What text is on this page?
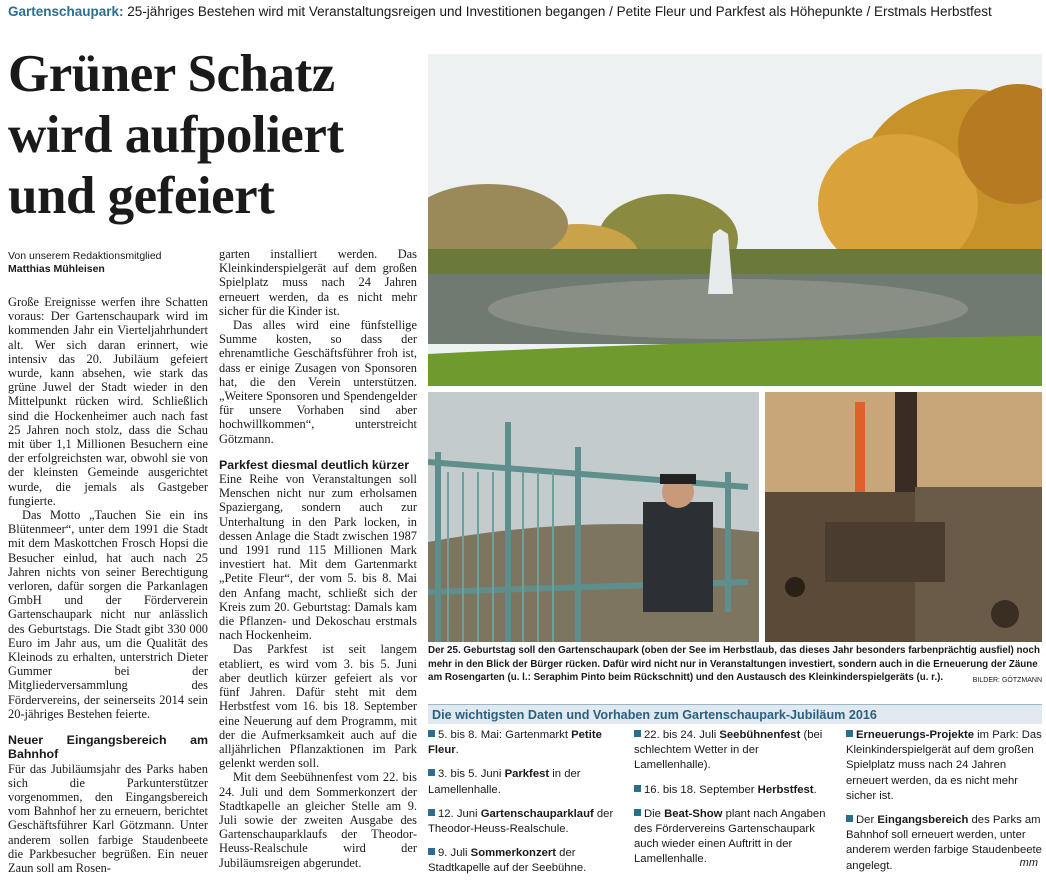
Gartenschaupark: 25-jähriges Bestehen wird mit Veranstaltungsreigen und Investitionen begangen / Petite Fleur und Parkfest als Höhepunkte / Erstmals Herbstfest
Grüner Schatz
wird aufpoliert
und gefeiert
Von unserem Redaktionsmitglied
Matthias Mühleisen

Große Ereignisse werfen ihre Schatten voraus: Der Gartenschaupark wird im kommenden Jahr ein Vierteljahrhundert alt. Wer sich daran erinnert, wie intensiv das 20. Jubiläum gefeiert wurde, kann absehen, wie stark das grüne Juwel der Stadt wieder in den Mittelpunkt rücken wird. Schließlich sind die Hockenheimer auch nach fast 25 Jahren noch stolz, dass die Schau mit über 1,1 Millionen Besuchern eine der erfolgreichsten war, obwohl sie von der kleinsten Gemeinde ausgerichtet wurde, die jemals als Gastgeber fungierte.

Das Motto „Tauchen Sie ein ins Blütenmeer“, unter dem 1991 die Stadt mit dem Maskottchen Frosch Hopsi die Besucher einlud, hat auch nach 25 Jahren nichts von seiner Berechtigung verloren, dafür sorgen die Parkanlagen GmbH und der Förderverein Gartenschaupark nicht nur anlässlich des Geburtstags. Die Stadt gibt 330 000 Euro im Jahr aus, um die Qualität des Kleinods zu erhalten, unterstrich Dieter Gummer bei der Mitgliederversammlung des Fördervereins, der seinerseits 2014 sein 20-jähriges Bestehen feierte.

Neuer Eingangsbereich am Bahnhof

Für das Jubiläumsjahr des Parks haben sich die Parkunterstützer vorgenommen, den Eingangsbereich vom Bahnhof her zu erneuern, berichtet Geschäftsführer Karl Götzmann. Unter anderem sollen farbige Staudenbeete die Parkbesucher begrüßen. Ein neuer Zaun soll am Rosen-

garten installiert werden. Das Kleinkinderspielgerät auf dem großen Spielplatz muss nach 24 Jahren erneuert werden, da es nicht mehr sicher für die Kinder ist.

Das alles wird eine fünfstellige Summe kosten, so dass der ehrenamtliche Geschäftsführer froh ist, dass er einige Zusagen von Sponsoren hat, die den Verein unterstützen. „Weitere Sponsoren und Spendengelder für unsere Vorhaben sind aber hochwillkommen“, unterstreicht Götzmann.

Parkfest diesmal deutlich kürzer

Eine Reihe von Veranstaltungen soll Menschen nicht nur zum erholsamen Spaziergang, sondern auch zur Unterhaltung in den Park locken, in dessen Anlage die Stadt zwischen 1987 und 1991 rund 115 Millionen Mark investiert hat. Mit dem Gartenmarkt „Petite Fleur“, der vom 5. bis 8. Mai den Anfang macht, schließt sich der Kreis zum 20. Geburtstag: Damals kam die Pflanzen- und Dekoschau erstmals nach Hockenheim.

Das Parkfest ist seit langem etabliert, es wird vom 3. bis 5. Juni aber deutlich kürzer gefeiert als vor fünf Jahren. Dafür steht mit dem Herbstfest vom 16. bis 18. September eine Neuerung auf dem Programm, mit der die Aufmerksamkeit auch auf die alljährlichen Pflanzaktionen im Park gelenkt werden soll.

Mit dem Seebühnenfest vom 22. bis 24. Juli und dem Sommerkonzert der Stadtkapelle an gleicher Stelle am 9. Juli sowie der zweiten Ausgabe des Gartenschauparklaufs der Theodor-Heuss-Realschule wird der Jubiläumsreigen abgerundet.

Der 25. Geburtstag soll den Gartenschaupark (oben der See im Herbstlaub, das dieses Jahr besonders farbenprächtig ausfiel) noch mehr in den Blick der Bürger rücken. Dafür wird nicht nur in Veranstaltungen investiert, sondern auch in die Erneuerung der Zäune am Rosengarten (u. l.: Seraphim Pinto beim Rückschnitt) und den Austausch des Kleinkinderspielgeräts (u. r.).	BILDER: GÖTZMANN
Die wichtigsten Daten und Vorhaben zum Gartenschaupark-Jubiläum 2016
5. bis 8. Mai: Gartenmarkt Petite Fleur.
3. bis 5. Juni Parkfest in der Lamellenhalle.
12. Juni Gartenschauparklauf der Theodor-Heuss-Realschule.
9. Juli Sommerkonzert der Stadtkapelle auf der Seebühne.
22. bis 24. Juli Seebühnenfest (bei schlechtem Wetter in der Lamellenhalle).
16. bis 18. September Herbstfest.
Die Beat-Show plant nach Angaben des Fördervereins Gartenschaupark auch wieder einen Auftritt in der Lamellenhalle.
Erneuerungs-Projekte im Park: Das Kleinkinderspielgerät auf dem großen Spielplatz muss nach 24 Jahren erneuert werden, da es nicht mehr sicher ist.
Der Eingangsbereich des Parks am Bahnhof soll erneuert werden, unter anderem werden farbige Staudenbeete angelegt.	mm
